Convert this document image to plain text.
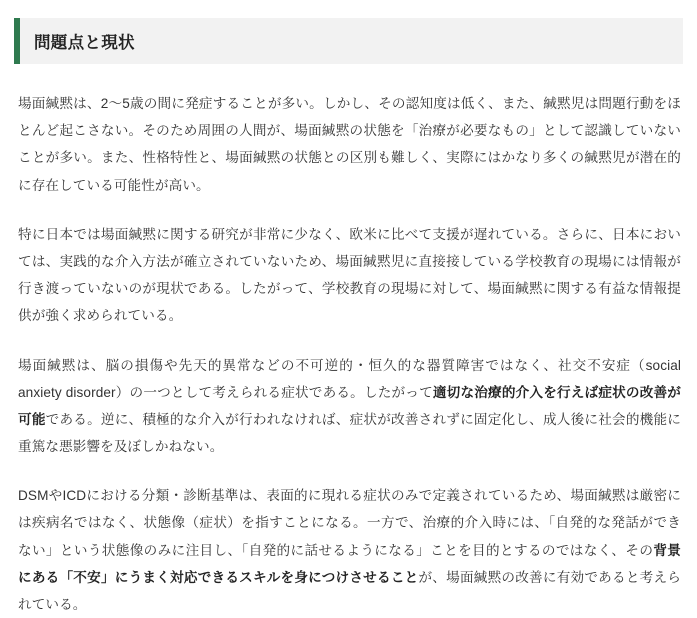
問題点と現状

場面緘黙は、2〜5歳の間に発症することが多い。しかし、その認知度は低く、また、緘黙児は問題行動をほとんど起こさない。そのため周囲の人間が、場面緘黙の状態を「治療が必要なもの」として認識していないことが多い。また、性格特性と、場面緘黙の状態との区別も難しく、実際にはかなり多くの緘黙児が潜在的に存在している可能性が高い。

特に日本では場面緘黙に関する研究が非常に少なく、欧米に比べて支援が遅れている。さらに、日本においては、実践的な介入方法が確立されていないため、場面緘黙児に直接接している学校教育の現場には情報が行き渡っていないのが現状である。したがって、学校教育の現場に対して、場面緘黙に関する有益な情報提供が強く求められている。

場面緘黙は、脳の損傷や先天的異常などの不可逆的・恒久的な器質障害ではなく、社交不安症（social anxiety disorder）の一つとして考えられる症状である。したがって適切な治療的介入を行えば症状の改善が可能である。逆に、積極的な介入が行われなければ、症状が改善されずに固定化し、成人後に社会的機能に重篤な悪影響を及ぼしかねない。

DSMやICDにおける分類・診断基準は、表面的に現れる症状のみで定義されているため、場面緘黙は厳密には疾病名ではなく、状態像（症状）を指すことになる。一方で、治療的介入時には、「自発的な発話ができない」という状態像のみに注目し、「自発的に話せるようになる」ことを目的とするのではなく、その背景にある「不安」にうまく対応できるスキルを身につけさせることが、場面緘黙の改善に有効であると考えられている。
